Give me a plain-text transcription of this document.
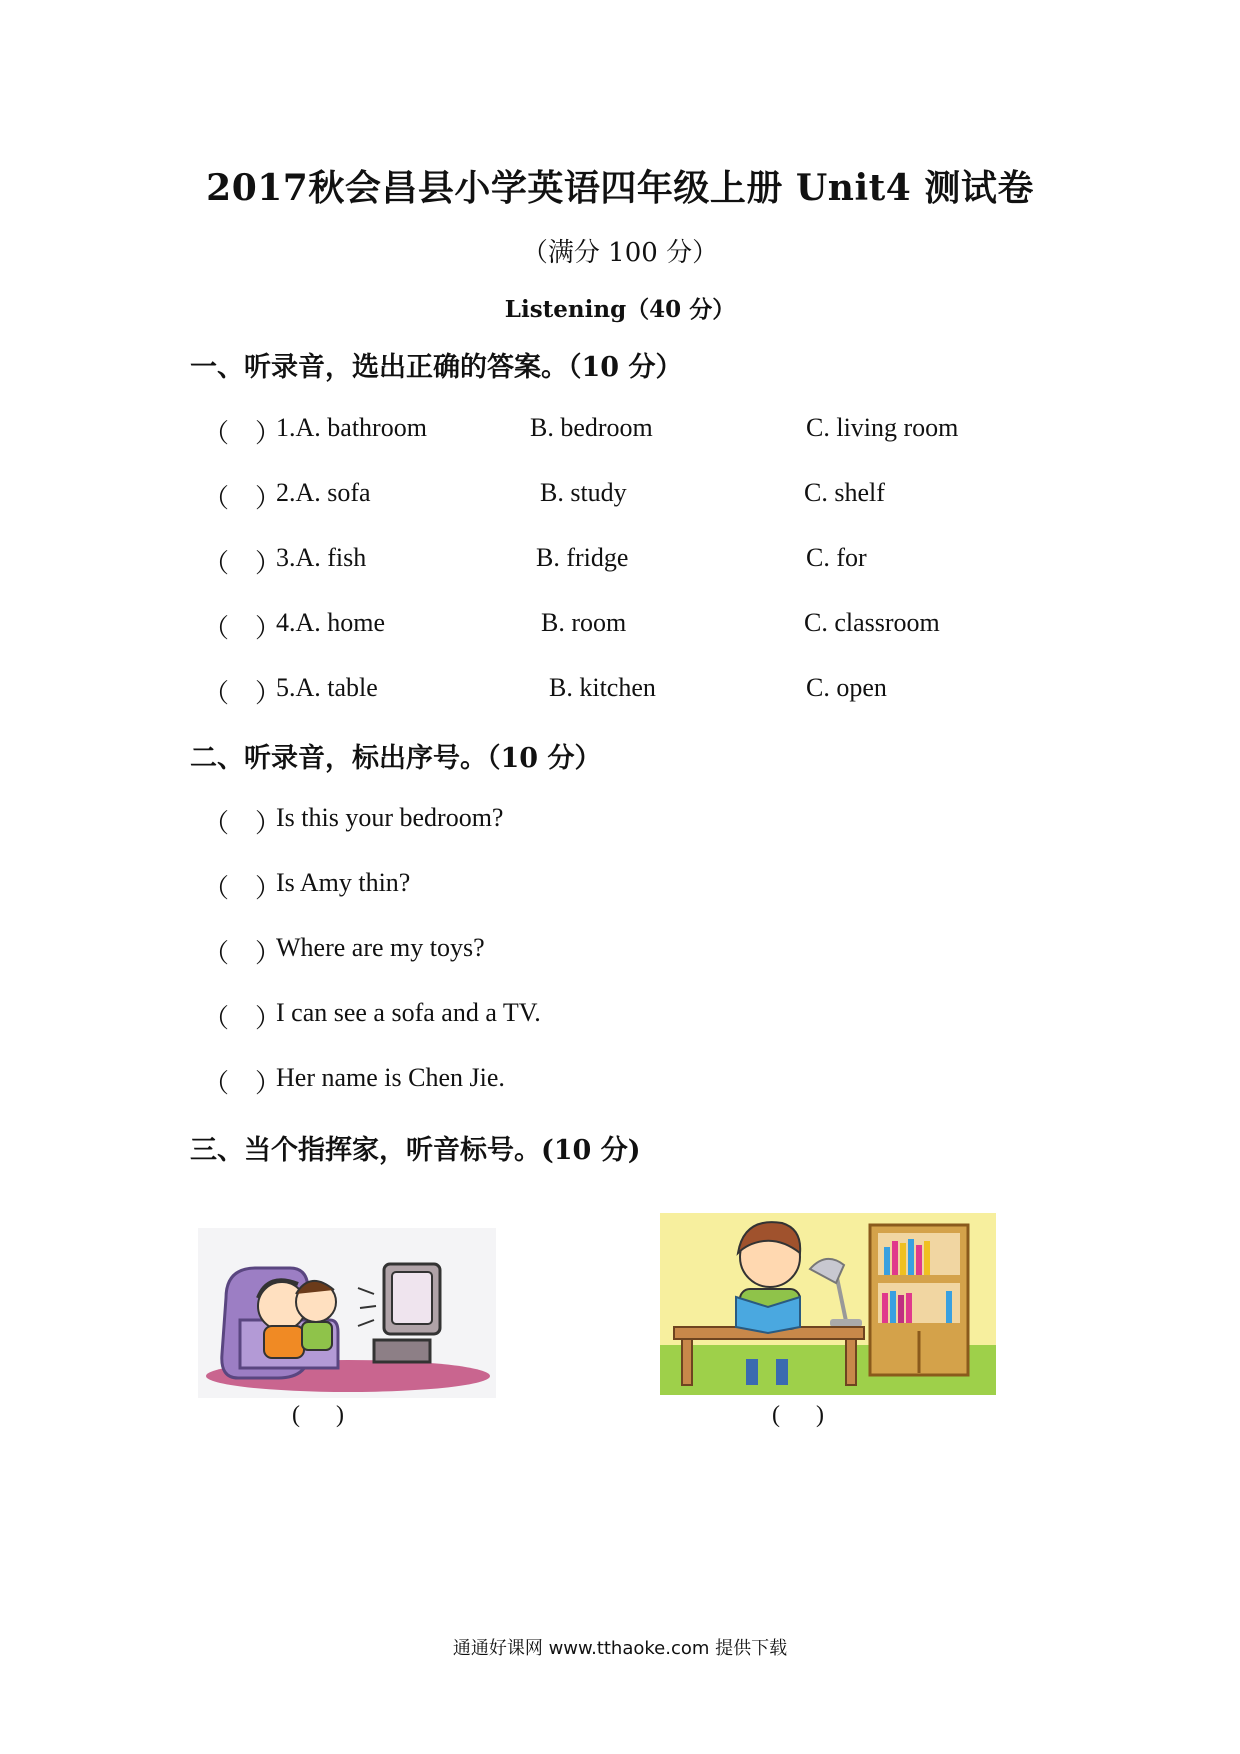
2017秋会昌县小学英语四年级上册 Unit4 测试卷
（满分 100 分）
Listening（40 分）
一、听录音，选出正确的答案。（10 分）
（    ）
1.A. bathroom	B. bedroom	C. living room
（    ）
2.A. sofa	B. study	C. shelf
（    ）
3.A. fish	B. fridge	C. for
（    ）
4.A. home	B. room	C. classroom
（    ）
5.A. table	B. kitchen	C. open
二、听录音，标出序号。（10 分）
（    ）
Is this your bedroom?
（    ）
Is Amy thin?
（    ）
Where are my toys?
（    ）
I can see a sofa and a TV.
（    ）
Her name is Chen Jie.
三、当个指挥家，听音标号。(10 分)
(      )	(      )
通通好课网 www.tthaoke.com 提供下载
